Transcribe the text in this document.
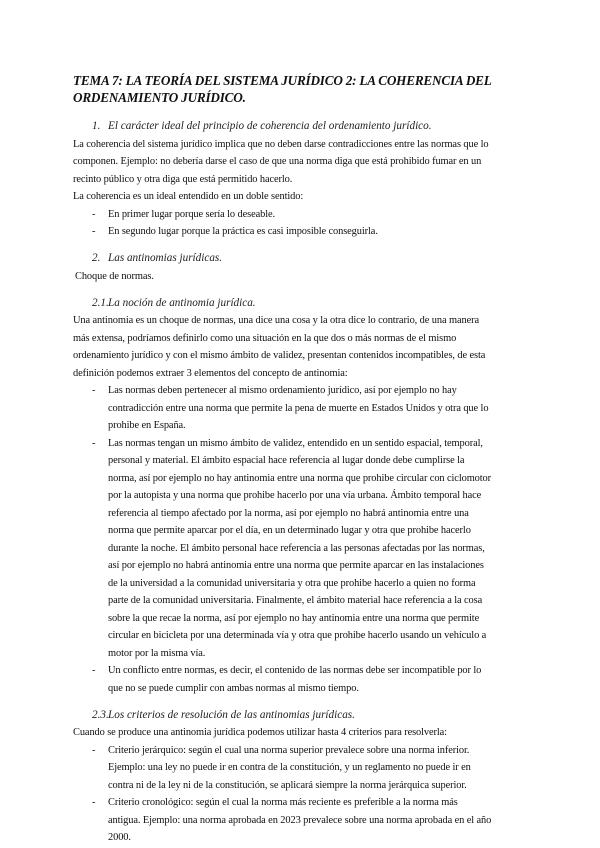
TEMA 7: LA TEORÍA DEL SISTEMA JURÍDICO 2: LA COHERENCIA DEL
ORDENAMIENTO JURÍDICO.
1. El carácter ideal del principio de coherencia del ordenamiento jurídico.
La coherencia del sistema jurídico implica que no deben darse contradicciones entre las normas que lo
componen. Ejemplo: no debería darse el caso de que una norma diga que está prohibido fumar en un
recinto público y otra diga que está permitido hacerlo.
La coherencia es un ideal entendido en un doble sentido:
- En primer lugar porque sería lo deseable.
- En segundo lugar porque la práctica es casi imposible conseguirla.
2. Las antinomias jurídicas.
Choque de normas.
2.1.La noción de antinomia jurídica.
Una antinomia es un choque de normas, una dice una cosa y la otra dice lo contrario, de una manera
más extensa, podríamos definirlo como una situación en la que dos o más normas de el mismo
ordenamiento jurídico y con el mismo ámbito de validez, presentan contenidos incompatibles, de esta
definición podemos extraer 3 elementos del concepto de antinomia:
- Las normas deben pertenecer al mismo ordenamiento jurídico, así por ejemplo no hay
contradicción entre una norma que permite la pena de muerte en Estados Unidos y otra que lo
prohibe en España.
- Las normas tengan un mismo ámbito de validez, entendido en un sentido espacial, temporal,
personal y material. El ámbito espacial hace referencia al lugar donde debe cumplirse la
norma, así por ejemplo no hay antinomia entre una norma que prohibe circular con ciclomotor
por la autopista y una norma que prohibe hacerlo por una vía urbana. Ámbito temporal hace
referencia al tiempo afectado por la norma, así por ejemplo no habrá antinomia entre una
norma que permite aparcar por el día, en un determinado lugar y otra que prohibe hacerlo
durante la noche. El ámbito personal hace referencia a las personas afectadas por las normas,
así por ejemplo no habrá antinomia entre una norma que permite aparcar en las instalaciones
de la universidad a la comunidad universitaria y otra que prohibe hacerlo a quien no forma
parte de la comunidad universitaria. Finalmente, el ámbito material hace referencia a la cosa
sobre la que recae la norma, así por ejemplo no hay antinomia entre una norma que permite
circular en bicicleta por una determinada vía y otra que prohibe hacerlo usando un vehículo a
motor por la misma vía.
- Un conflicto entre normas, es decir, el contenido de las normas debe ser incompatible por lo
que no se puede cumplir con ambas normas al mismo tiempo.
2.3.Los criterios de resolución de las antinomias jurídicas.
Cuando se produce una antinomia jurídica podemos utilizar hasta 4 criterios para resolverla:
- Criterio jerárquico: según el cual una norma superior prevalece sobre una norma inferior.
Ejemplo: una ley no puede ir en contra de la constitución, y un reglamento no puede ir en
contra ni de la ley ni de la constitución, se aplicará siempre la norma jerárquica superior.
- Criterio cronológico: según el cual la norma más reciente es preferible a la norma más
antigua. Ejemplo: una norma aprobada en 2023 prevalece sobre una norma aprobada en el año
2000.
